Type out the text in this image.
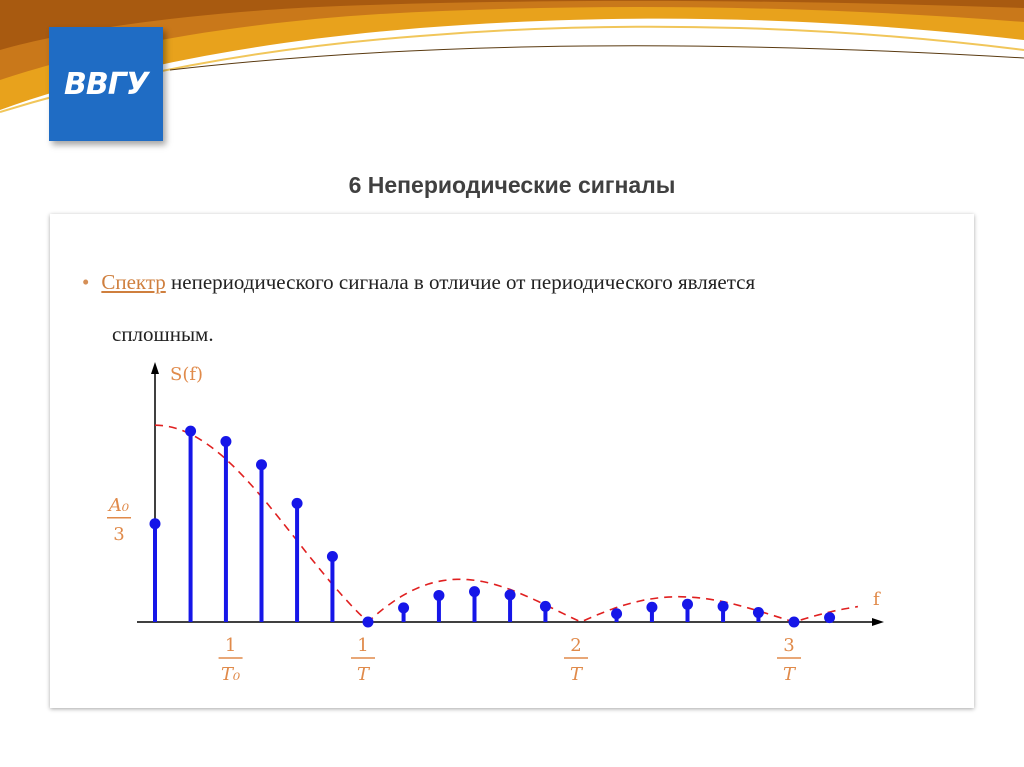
ВВГУ
6 Непериодические сигналы
• Спектр непериодического сигнала в отличие от периодического является
сплошным.
S(f)
f
A₀
3
1
T₀
1
T
2
T
3
T
